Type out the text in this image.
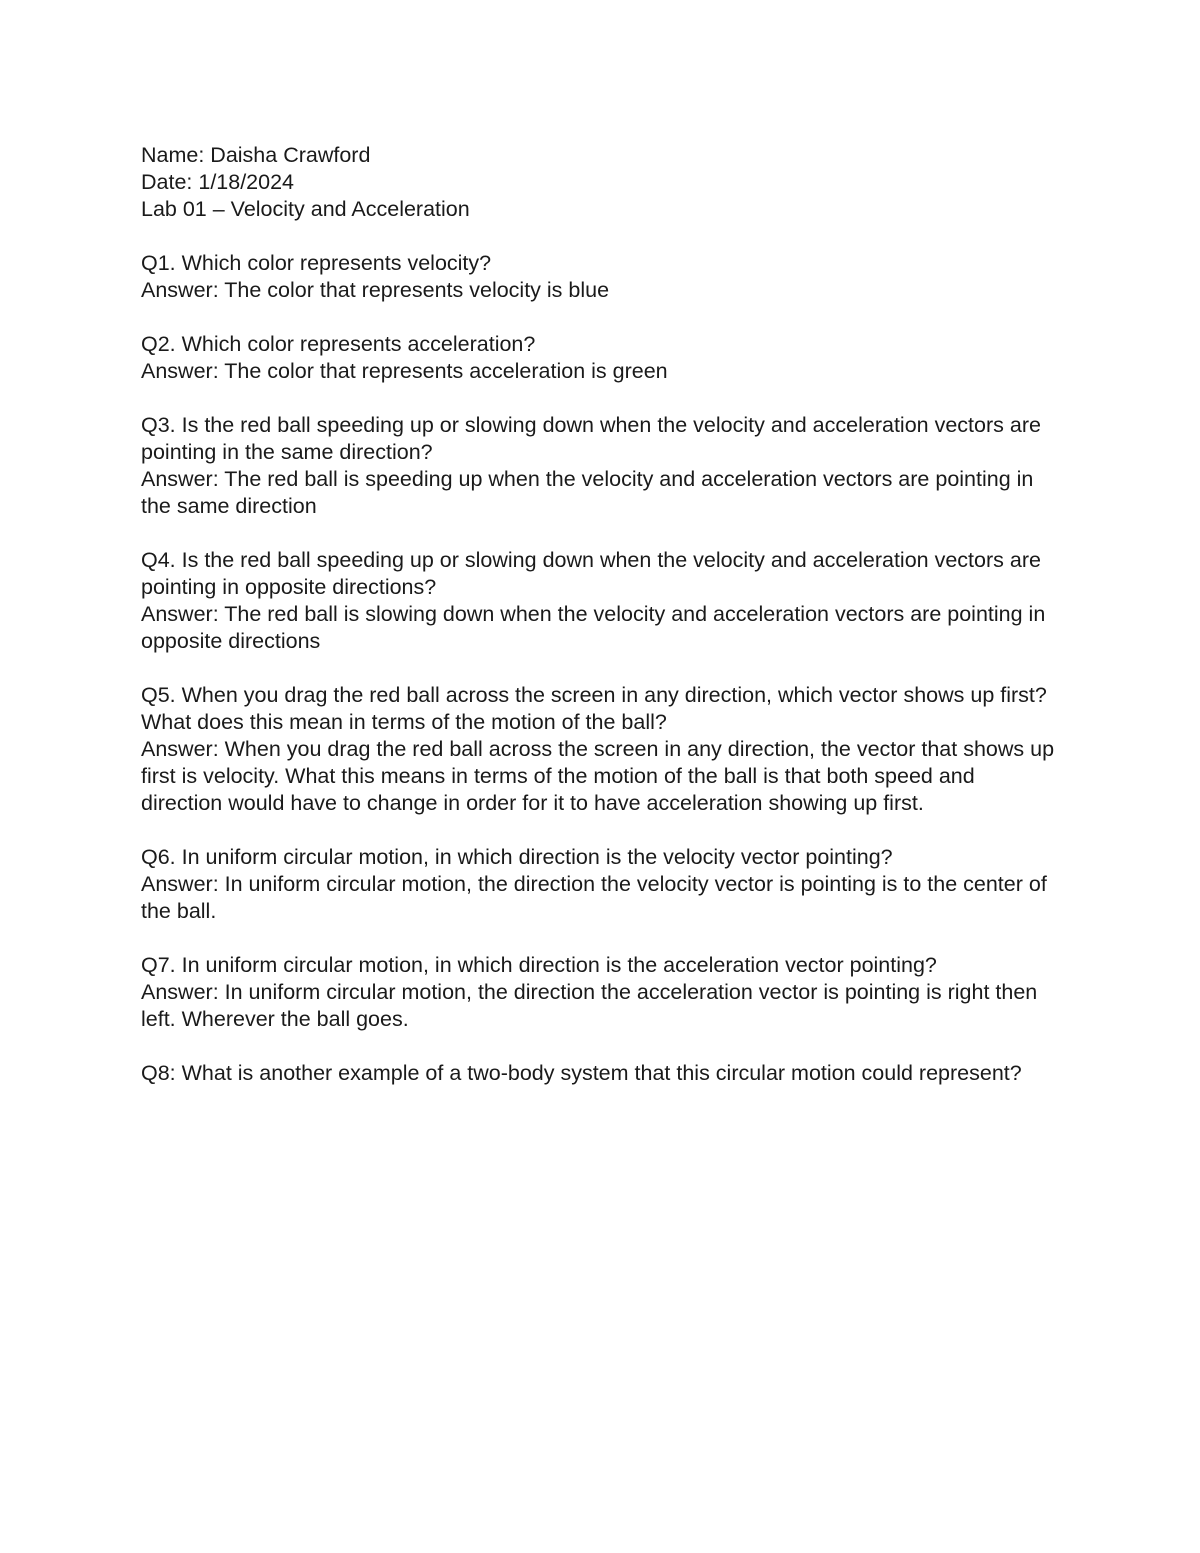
Name: Daisha Crawford

Date: 1/18/2024

Lab 01 – Velocity and Acceleration

Q1. Which color represents velocity?

Answer: The color that represents velocity is blue

Q2. Which color represents acceleration?

Answer: The color that represents acceleration is green

Q3. Is the red ball speeding up or slowing down when the velocity and acceleration vectors are pointing in the same direction?

Answer: The red ball is speeding up when the velocity and acceleration vectors are pointing in the same direction

Q4. Is the red ball speeding up or slowing down when the velocity and acceleration vectors are pointing in opposite directions?

Answer: The red ball is slowing down when the velocity and acceleration vectors are pointing in opposite directions

Q5. When you drag the red ball across the screen in any direction, which vector shows up first?  What does this mean in terms of the motion of the ball?

Answer: When you drag the red ball across the screen in any direction, the vector that shows up first is velocity. What this means in terms of the motion of the ball is that both speed and direction would have to change in order for it to have acceleration showing up first.

Q6. In uniform circular motion, in which direction is the velocity vector pointing?

Answer: In uniform circular motion, the direction the velocity vector is pointing is to the center of the ball.

Q7. In uniform circular motion, in which direction is the acceleration vector pointing?

Answer: In uniform circular motion, the direction the acceleration vector is pointing is right then left. Wherever the ball goes.

Q8: What is another example of a two-body system that this circular motion could represent?
